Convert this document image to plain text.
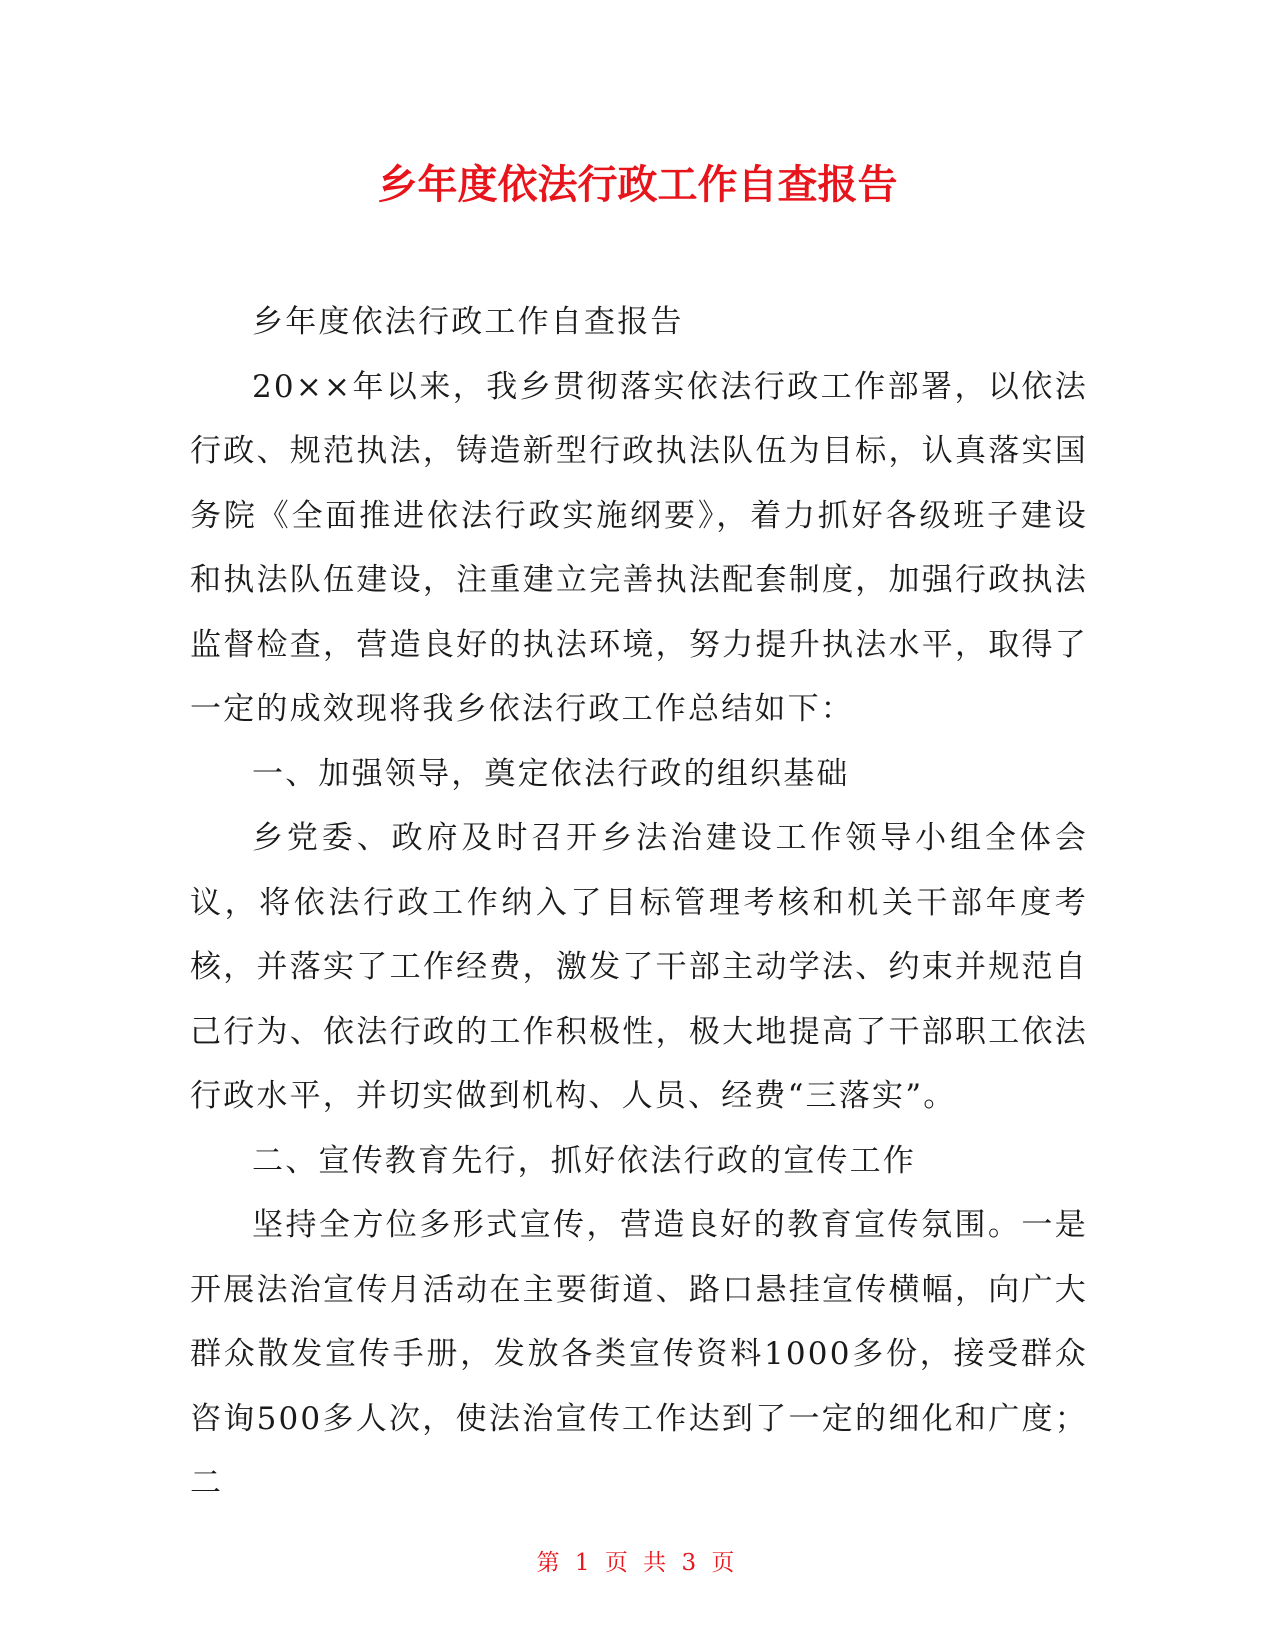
乡年度依法行政工作自查报告

乡年度依法行政工作自查报告

20××年以来，我乡贯彻落实依法行政工作部署，以依法行政、规范执法，铸造新型行政执法队伍为目标，认真落实国务院《全面推进依法行政实施纲要》，着力抓好各级班子建设和执法队伍建设，注重建立完善执法配套制度，加强行政执法监督检查，营造良好的执法环境，努力提升执法水平，取得了一定的成效现将我乡依法行政工作总结如下：

一、加强领导，奠定依法行政的组织基础

乡党委、政府及时召开乡法治建设工作领导小组全体会议，将依法行政工作纳入了目标管理考核和机关干部年度考核，并落实了工作经费，激发了干部主动学法、约束并规范自己行为、依法行政的工作积极性，极大地提高了干部职工依法行政水平，并切实做到机构、人员、经费“三落实”。

二、宣传教育先行，抓好依法行政的宣传工作

坚持全方位多形式宣传，营造良好的教育宣传氛围。一是开展法治宣传月活动在主要街道、路口悬挂宣传横幅，向广大群众散发宣传手册，发放各类宣传资料1000多份，接受群众咨询500多人次，使法治宣传工作达到了一定的细化和广度；二

第 1 页 共 3 页
